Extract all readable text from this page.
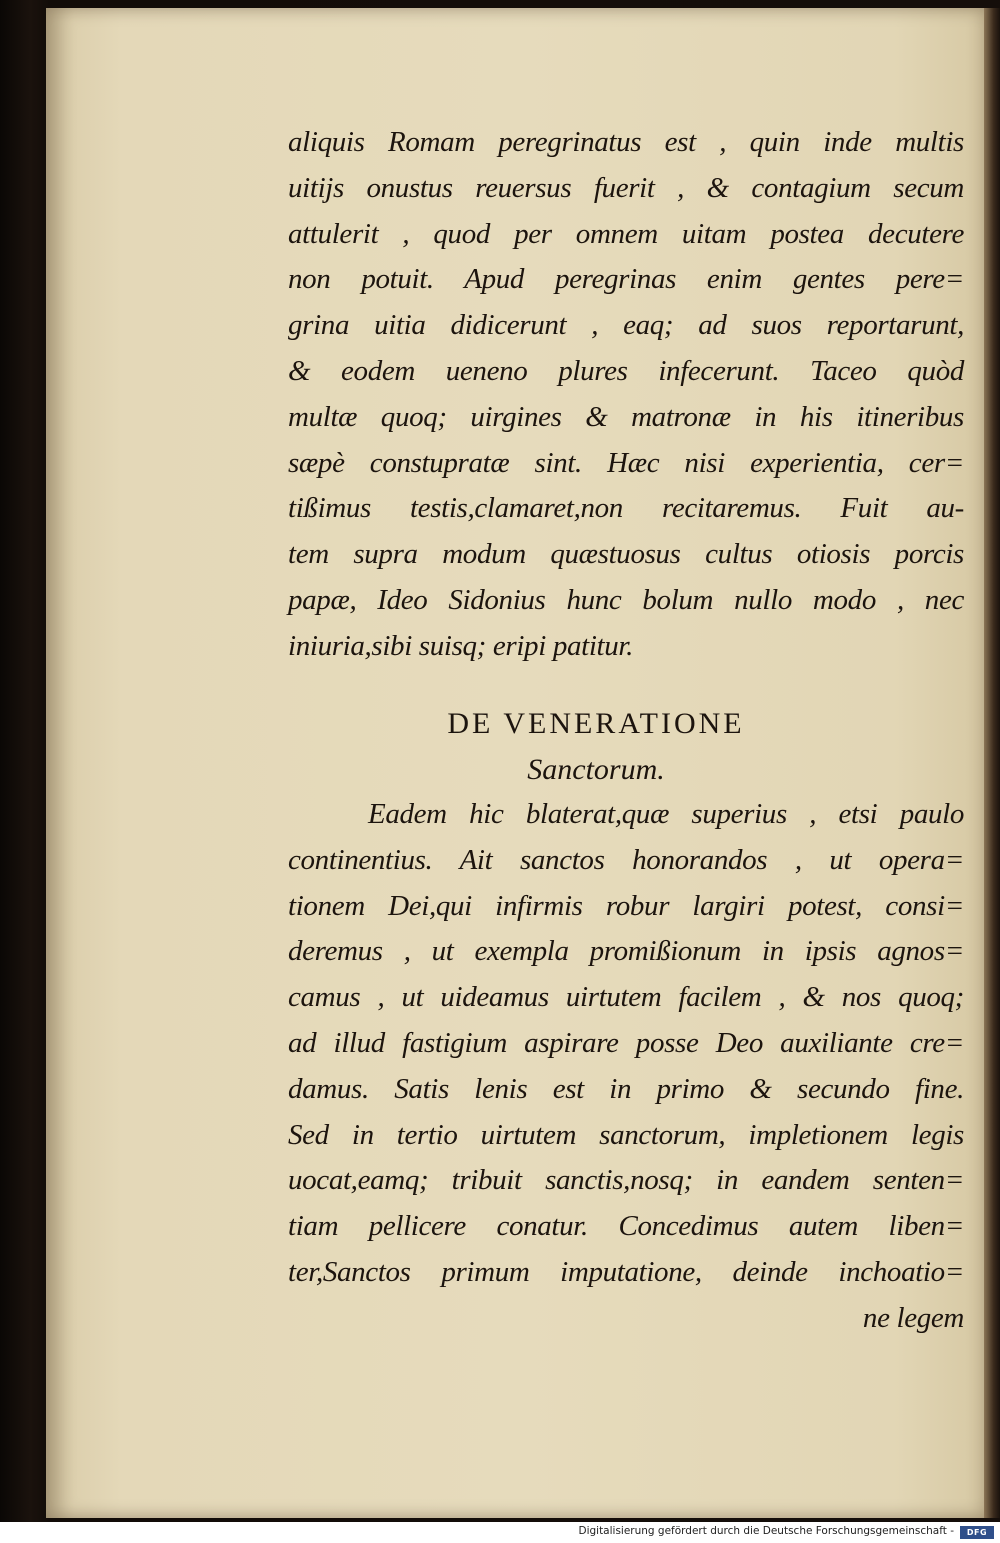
aliquis Romam peregrinatus est , quin inde multis
uitijs onustus reuersus fuerit , & contagium secum
attulerit , quod per omnem uitam postea decutere
non potuit. Apud peregrinas enim gentes pere=
grina uitia didicerunt , eaq; ad suos reportarunt,
& eodem ueneno plures infecerunt. Taceo quòd
multæ quoq; uirgines & matronæ in his itineribus
sæpè constupratæ sint. Hæc nisi experientia, cer=
tißimus testis,clamaret,non recitaremus. Fuit au-
tem supra modum quæstuosus cultus otiosis porcis
papæ, Ideo Sidonius hunc bolum nullo modo , nec
iniuria,sibi suisq; eripi patitur.
DE VENERATIONE
Sanctorum.
Eadem hic blaterat,quæ superius , etsi paulo
continentius. Ait sanctos honorandos , ut opera=
tionem Dei,qui infirmis robur largiri potest, consi=
deremus , ut exempla promißionum in ipsis agnos=
camus , ut uideamus uirtutem facilem , & nos quoq;
ad illud fastigium aspirare posse Deo auxiliante cre=
damus. Satis lenis est in primo & secundo fine.
Sed in tertio uirtutem sanctorum, impletionem legis
uocat,eamq; tribuit sanctis,nosq; in eandem senten=
tiam pellicere conatur. Concedimus autem liben=
ter,Sanctos primum imputatione, deinde inchoatio=
ne legem
Digitalisierung gefördert durch die Deutsche Forschungsgemeinschaft -	DFG
